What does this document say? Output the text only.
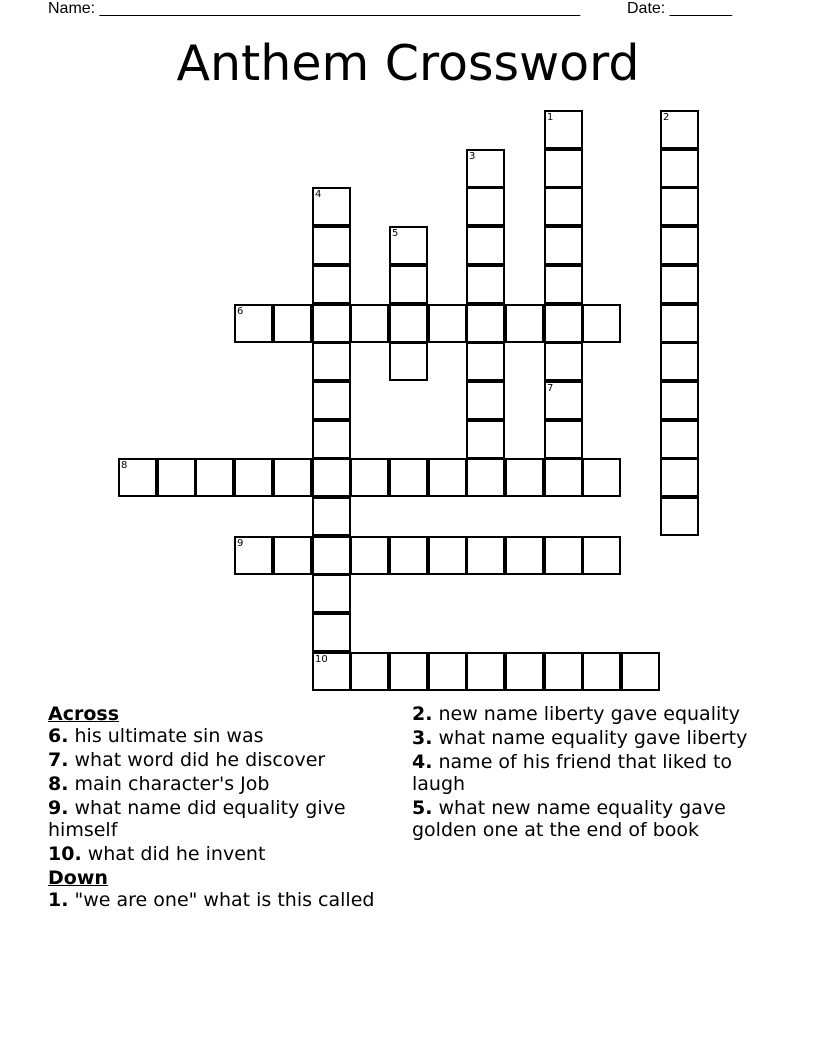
Name: ______________________________________________________	Date: _______
Anthem Crossword
1
7
2
3
4
10
5
6
8
9

Across

6. his ultimate sin was

7. what word did he discover

8. main character's Job

9. what name did equality give himself

10. what did he invent

Down

1. "we are one" what is this called

2. new name liberty gave equality

3. what name equality gave liberty

4. name of his friend that liked to laugh

5. what new name equality gave golden one at the end of book
